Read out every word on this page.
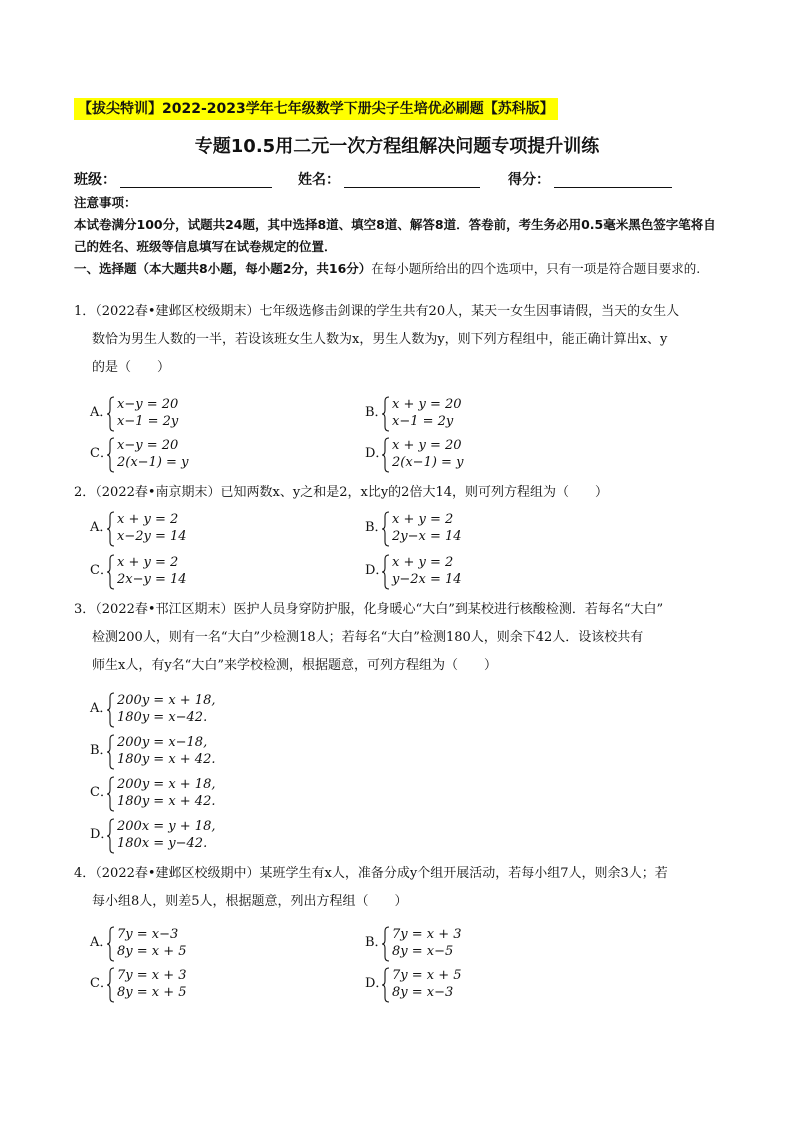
【拔尖特训】2022-2023学年七年级数学下册尖子生培优必刷题【苏科版】
专题10.5用二元一次方程组解决问题专项提升训练
班级：	姓名：	得分：
注意事项：
本试卷满分100分，试题共24题，其中选择8道、填空8道、解答8道．答卷前，考生务必用0.5毫米黑色签字笔将自己的姓名、班级等信息填写在试卷规定的位置．
一、选择题（本大题共8小题，每小题2分，共16分）在每小题所给出的四个选项中，只有一项是符合题目要求的.
1．（2022春•建邺区校级期末）七年级选修击剑课的学生共有20人，某天一女生因事请假，当天的女生人
数恰为男生人数的一半，若设该班女生人数为x，男生人数为y，则下列方程组中，能正确计算出x、y
的是（　　）
A．
x−y = 20
x−1 = 2y
B．
x + y = 20
x−1 = 2y
C．
x−y = 20
2(x−1) = y
D．
x + y = 20
2(x−1) = y
2．（2022春•南京期末）已知两数x、y之和是2，x比y的2倍大14，则可列方程组为（　　）
A．
x + y = 2
x−2y = 14
B．
x + y = 2
2y−x = 14
C．
x + y = 2
2x−y = 14
D．
x + y = 2
y−2x = 14
3．（2022春•邗江区期末）医护人员身穿防护服，化身暖心“大白”到某校进行核酸检测．若每名“大白”
检测200人，则有一名“大白”少检测18人；若每名“大白”检测180人，则余下42人．设该校共有
师生x人，有y名“大白”来学校检测，根据题意，可列方程组为（　　）
A．
200y = x + 18,
180y = x−42.
B．
200y = x−18,
180y = x + 42.
C．
200y = x + 18,
180y = x + 42.
D．
200x = y + 18,
180x = y−42.
4．（2022春•建邺区校级期中）某班学生有x人，准备分成y个组开展活动，若每小组7人，则余3人；若
每小组8人，则差5人，根据题意，列出方程组（　　）
A．
7y = x−3
8y = x + 5
B．
7y = x + 3
8y = x−5
C．
7y = x + 3
8y = x + 5
D．
7y = x + 5
8y = x−3
